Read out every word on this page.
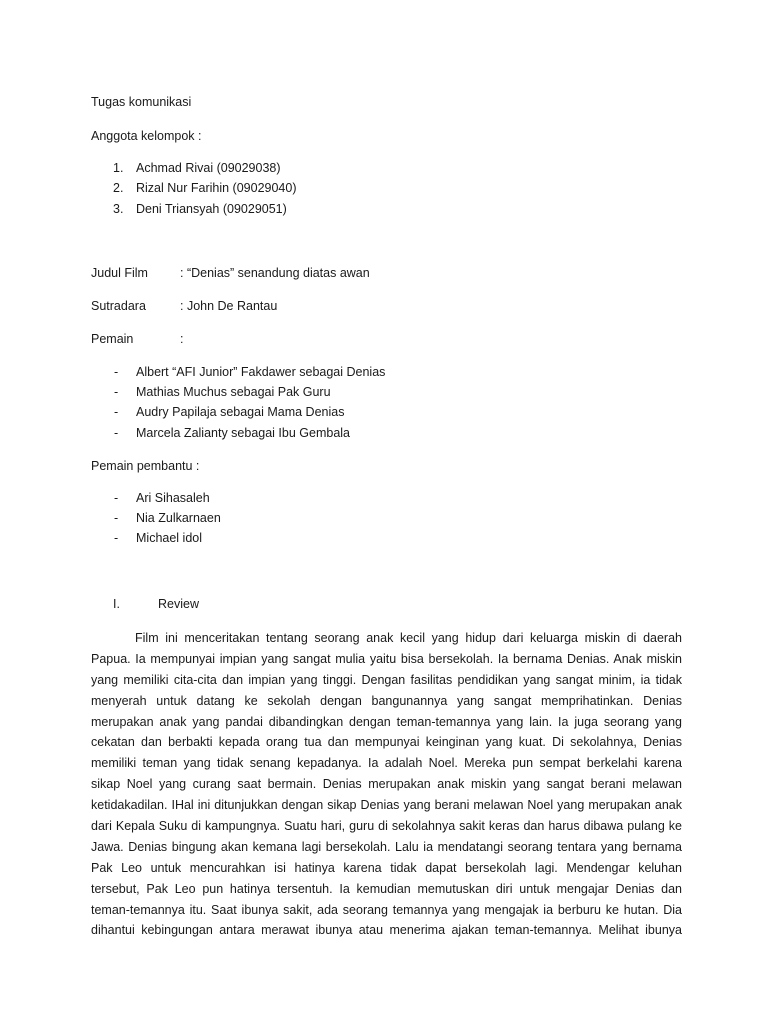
Tugas komunikasi
Anggota kelompok :
1. Achmad Rivai (09029038)
2. Rizal Nur Farihin (09029040)
3. Deni Triansyah (09029051)
Judul Film	: “Denias” senandung diatas awan
Sutradara	: John De Rantau
Pemain	:
- Albert “AFI Junior” Fakdawer sebagai Denias
- Mathias Muchus sebagai Pak Guru
- Audry Papilaja sebagai Mama Denias
- Marcela Zalianty sebagai Ibu Gembala
Pemain pembantu :
- Ari Sihasaleh
- Nia Zulkarnaen
- Michael idol
I.	Review
Film ini menceritakan tentang seorang anak kecil yang hidup dari keluarga miskin di daerah
Papua. Ia mempunyai impian yang sangat mulia yaitu bisa bersekolah. Ia bernama Denias. Anak miskin
yang memiliki cita-cita dan impian yang tinggi. Dengan fasilitas pendidikan yang sangat minim, ia tidak
menyerah untuk datang ke sekolah dengan bangunannya yang sangat memprihatinkan. Denias
merupakan anak yang pandai dibandingkan dengan teman-temannya yang lain. Ia juga seorang yang
cekatan dan berbakti kepada orang tua dan mempunyai keinginan yang kuat. Di sekolahnya, Denias
memiliki teman yang tidak senang kepadanya. Ia adalah Noel. Mereka pun sempat berkelahi karena
sikap Noel yang curang saat bermain. Denias merupakan anak miskin yang sangat berani melawan
ketidakadilan. IHal ini ditunjukkan dengan sikap Denias yang berani melawan Noel yang merupakan anak
dari Kepala Suku di kampungnya. Suatu hari, guru di sekolahnya sakit keras dan harus dibawa pulang ke
Jawa. Denias bingung akan kemana lagi bersekolah. Lalu ia mendatangi seorang tentara yang bernama
Pak Leo untuk mencurahkan isi hatinya karena tidak dapat bersekolah lagi. Mendengar keluhan
tersebut, Pak Leo pun hatinya tersentuh. Ia kemudian memutuskan diri untuk mengajar Denias dan
teman-temannya itu. Saat ibunya sakit, ada seorang temannya yang mengajak ia berburu ke hutan. Dia
dihantui kebingungan antara merawat ibunya atau menerima ajakan teman-temannya. Melihat ibunya
